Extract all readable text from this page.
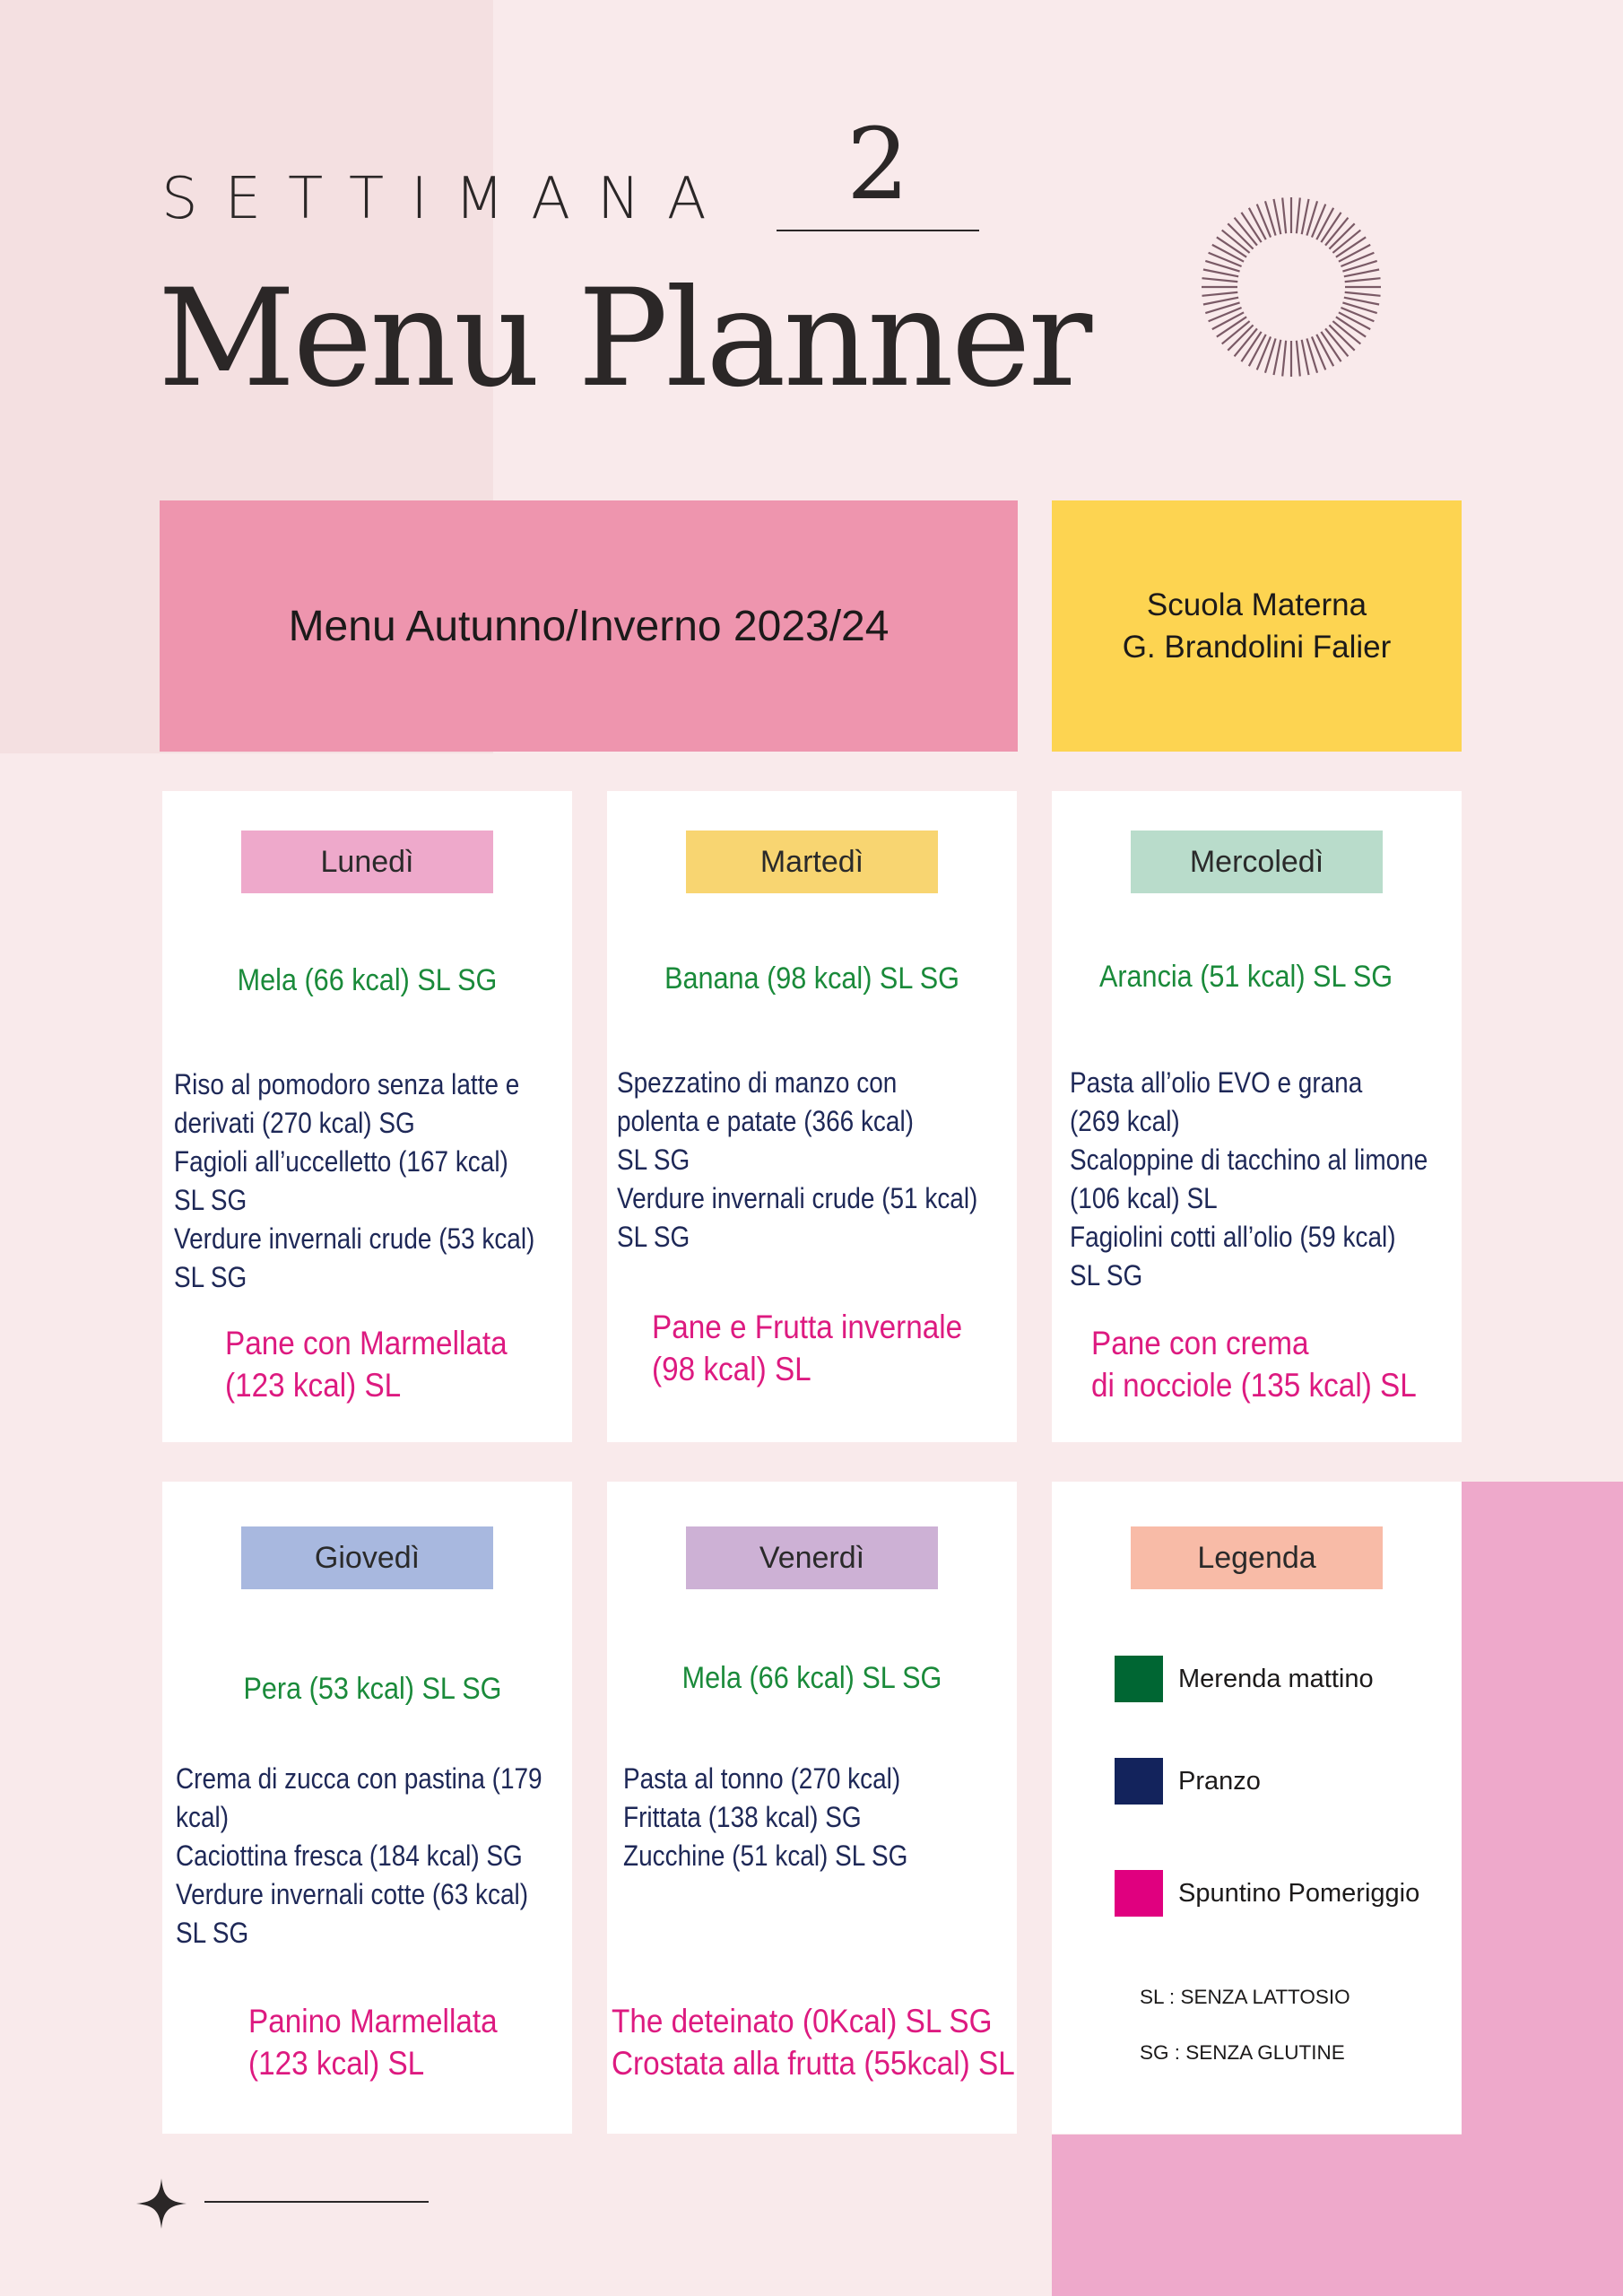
SETTIMANA	2
Menu Planner
Menu Autunno/Inverno 2023/24	Scuola Materna
G. Brandolini Falier
Lunedì
Mela (66 kcal) SL SG
Riso al pomodoro senza latte e
derivati (270 kcal) SG
Fagioli all’uccelletto (167 kcal)
SL SG
Verdure invernali crude (53 kcal)
SL SG
Pane con Marmellata
(123 kcal) SL
Martedì
Banana (98 kcal) SL SG
Spezzatino di manzo con
polenta e patate (366 kcal)
SL SG
Verdure invernali crude (51 kcal)
SL SG
Pane e Frutta invernale
(98 kcal) SL
Mercoledì
Arancia (51 kcal) SL SG
Pasta all’olio EVO e grana
(269 kcal)
Scaloppine di tacchino al limone
(106 kcal) SL
Fagiolini cotti all’olio (59 kcal)
SL SG
Pane con crema
di nocciole (135 kcal) SL
Giovedì
Pera (53 kcal) SL SG
Crema di zucca con pastina (179
kcal)
Caciottina fresca (184 kcal) SG
Verdure invernali cotte (63 kcal)
SL SG
Panino Marmellata
(123 kcal) SL
Venerdì
Mela (66 kcal) SL SG
Pasta al tonno (270 kcal)
Frittata (138 kcal) SG
Zucchine (51 kcal) SL SG
The deteinato (0Kcal) SL SG
Crostata alla frutta (55kcal) SL
Legenda
Merenda mattino
Pranzo
Spuntino Pomeriggio
SL : SENZA LATTOSIO
SG : SENZA GLUTINE
